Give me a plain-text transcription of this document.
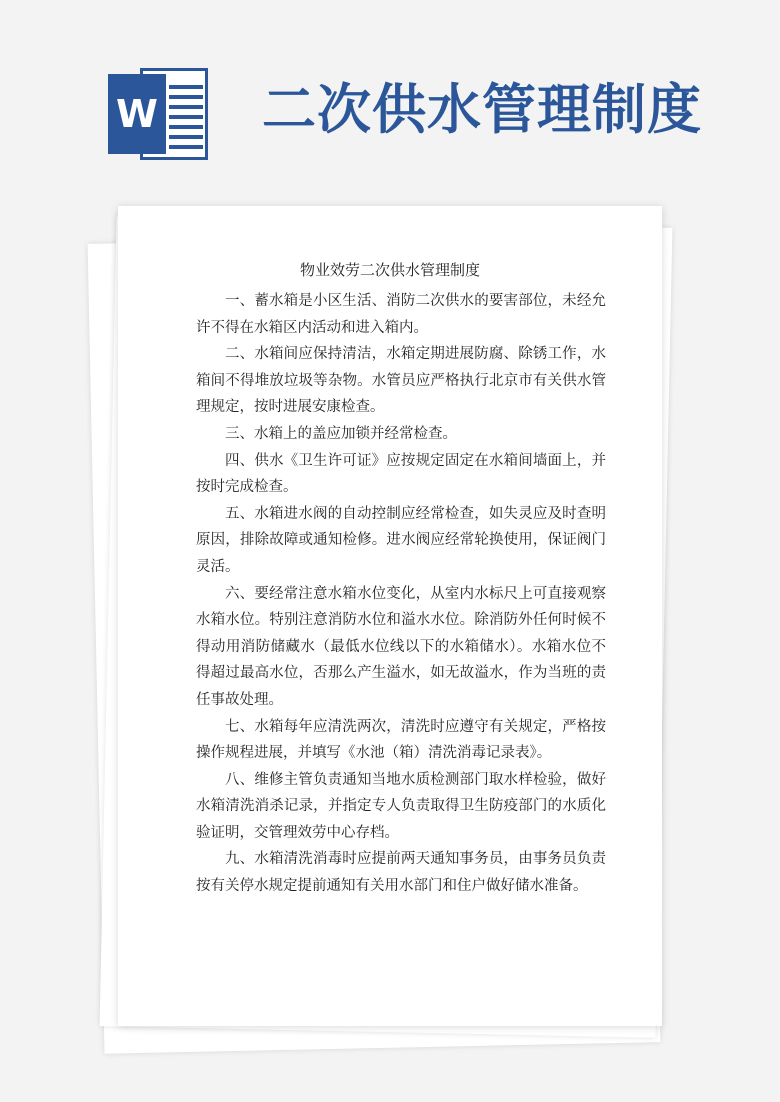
W 二次供水管理制度
物业效劳二次供水管理制度

一、蓄水箱是小区生活、消防二次供水的要害部位，未经允许不得在水箱区内活动和进入箱内。

二、水箱间应保持清洁，水箱定期进展防腐、除锈工作，水箱间不得堆放垃圾等杂物。水管员应严格执行北京市有关供水管理规定，按时进展安康检查。

三、水箱上的盖应加锁并经常检查。

四、供水《卫生许可证》应按规定固定在水箱间墙面上，并按时完成检查。

五、水箱进水阀的自动控制应经常检查，如失灵应及时查明原因，排除故障或通知检修。进水阀应经常轮换使用，保证阀门灵活。

六、要经常注意水箱水位变化，从室内水标尺上可直接观察水箱水位。特别注意消防水位和溢水水位。除消防外任何时候不得动用消防储藏水（最低水位线以下的水箱储水）。水箱水位不得超过最高水位，否那么产生溢水，如无故溢水，作为当班的责任事故处理。

七、水箱每年应清洗两次，清洗时应遵守有关规定，严格按操作规程进展，并填写《水池（箱）清洗消毒记录表》。

八、维修主管负责通知当地水质检测部门取水样检验，做好水箱清洗消杀记录，并指定专人负责取得卫生防疫部门的水质化验证明，交管理效劳中心存档。

九、水箱清洗消毒时应提前两天通知事务员，由事务员负责按有关停水规定提前通知有关用水部门和住户做好储水准备。
